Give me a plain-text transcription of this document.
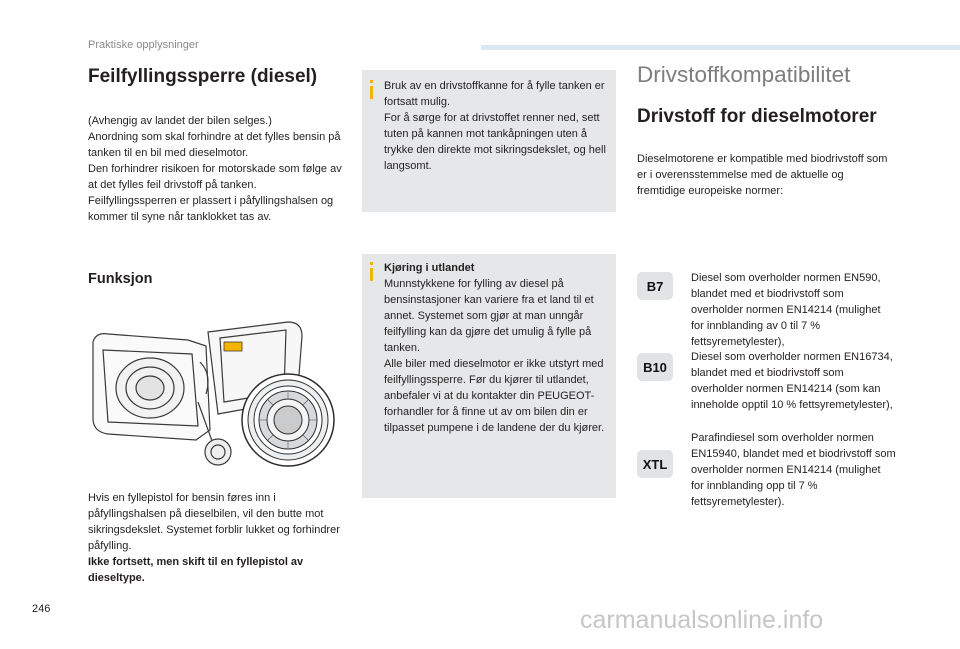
Praktiske opplysninger
Feilfyllingssperre (diesel)

(Avhengig av landet der bilen selges.)
Anordning som skal forhindre at det fylles bensin på tanken til en bil med dieselmotor.
Den forhindrer risikoen for motorskade som følge av at det fylles feil drivstoff på tanken.
Feilfyllingssperren er plassert i påfyllingshalsen og kommer til syne når tanklokket tas av.

Funksjon

Hvis en fyllepistol for bensin føres inn i påfyllingshalsen på dieselbilen, vil den butte mot sikringsdekslet. Systemet forblir lukket og forhindrer påfylling.

Ikke fortsett, men skift til en fyllepistol av dieseltype.

Bruk av en drivstoffkanne for å fylle tanken er fortsatt mulig.
For å sørge for at drivstoffet renner ned, sett tuten på kannen mot tankåpningen uten å trykke den direkte mot sikringsdekslet, og hell langsomt.
Kjøring i utlandet
Munnstykkene for fylling av diesel på bensinstasjoner kan variere fra et land til et annet. Systemet som gjør at man unngår feilfylling kan da gjøre det umulig å fylle på tanken.
Alle biler med dieselmotor er ikke utstyrt med feilfyllingssperre. Før du kjører til utlandet, anbefaler vi at du kontakter din PEUGEOT-forhandler for å finne ut av om bilen din er tilpasset pumpene i de landene der du kjører.
Drivstoffkompatibilitet
Drivstoff for dieselmotorer

Dieselmotorene er kompatible med biodrivstoff som er i overensstemmelse med de aktuelle og fremtidige europeiske normer:

B7
Diesel som overholder normen EN590, blandet med et biodrivstoff som overholder normen EN14214 (mulighet for innblanding av 0 til 7 % fettsyremetylester),
B10
Diesel som overholder normen EN16734, blandet med et biodrivstoff som overholder normen EN14214 (som kan inneholde opptil 10 % fettsyremetylester),
XTL
Parafindiesel som overholder normen EN15940, blandet med et biodrivstoff som overholder normen EN14214 (mulighet for innblanding opp til 7 % fettsyremetylester).
246	carmanualsonline.info
